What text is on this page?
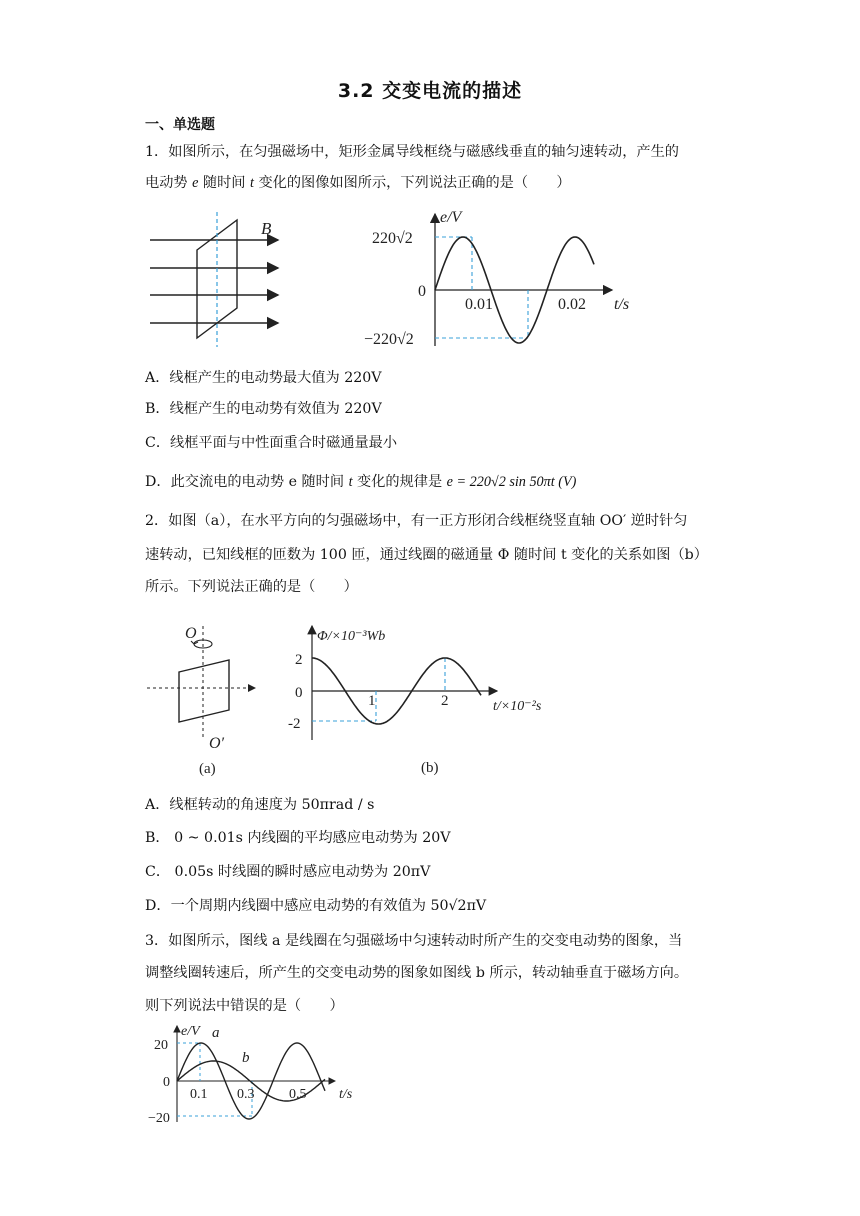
3.2 交变电流的描述
一、单选题
1．如图所示，在匀强磁场中，矩形金属导线框绕与磁感线垂直的轴匀速转动，产生的
电动势 e 随时间 t 变化的图像如图所示，下列说法正确的是（　　）
B
e/V
220√2
0
−220√2
0.01	0.02 t/s
A．线框产生的电动势最大值为 220V
B．线框产生的电动势有效值为 220V
C．线框平面与中性面重合时磁通量最小
D．此交流电的电动势 e 随时间 t 变化的规律是 e = 220√2 sin 50πt (V)
2．如图（a），在水平方向的匀强磁场中，有一正方形闭合线框绕竖直轴 OO′ 逆时针匀
速转动，已知线框的匝数为 100 匝，通过线圈的磁通量 Φ 随时间 t 变化的关系如图（b）
所示。下列说法正确的是（　　）
O
O′
(a)
Φ/×10⁻³Wb
2
0
-2
1	2	t/×10⁻²s
(b)
A．线框转动的角速度为 50πrad / s
B． 0 ~ 0.01s 内线圈的平均感应电动势为 20V
C． 0.05s 时线圈的瞬时感应电动势为 20πV
D．一个周期内线圈中感应电动势的有效值为 50√2πV
3．如图所示，图线 a 是线圈在匀强磁场中匀速转动时所产生的交变电动势的图象，当
调整线圈转速后，所产生的交变电动势的图象如图线 b 所示，转动轴垂直于磁场方向。
则下列说法中错误的是（　　）
e/V a
b
20
0
−20
0.1 0.3 0.5 t/s
